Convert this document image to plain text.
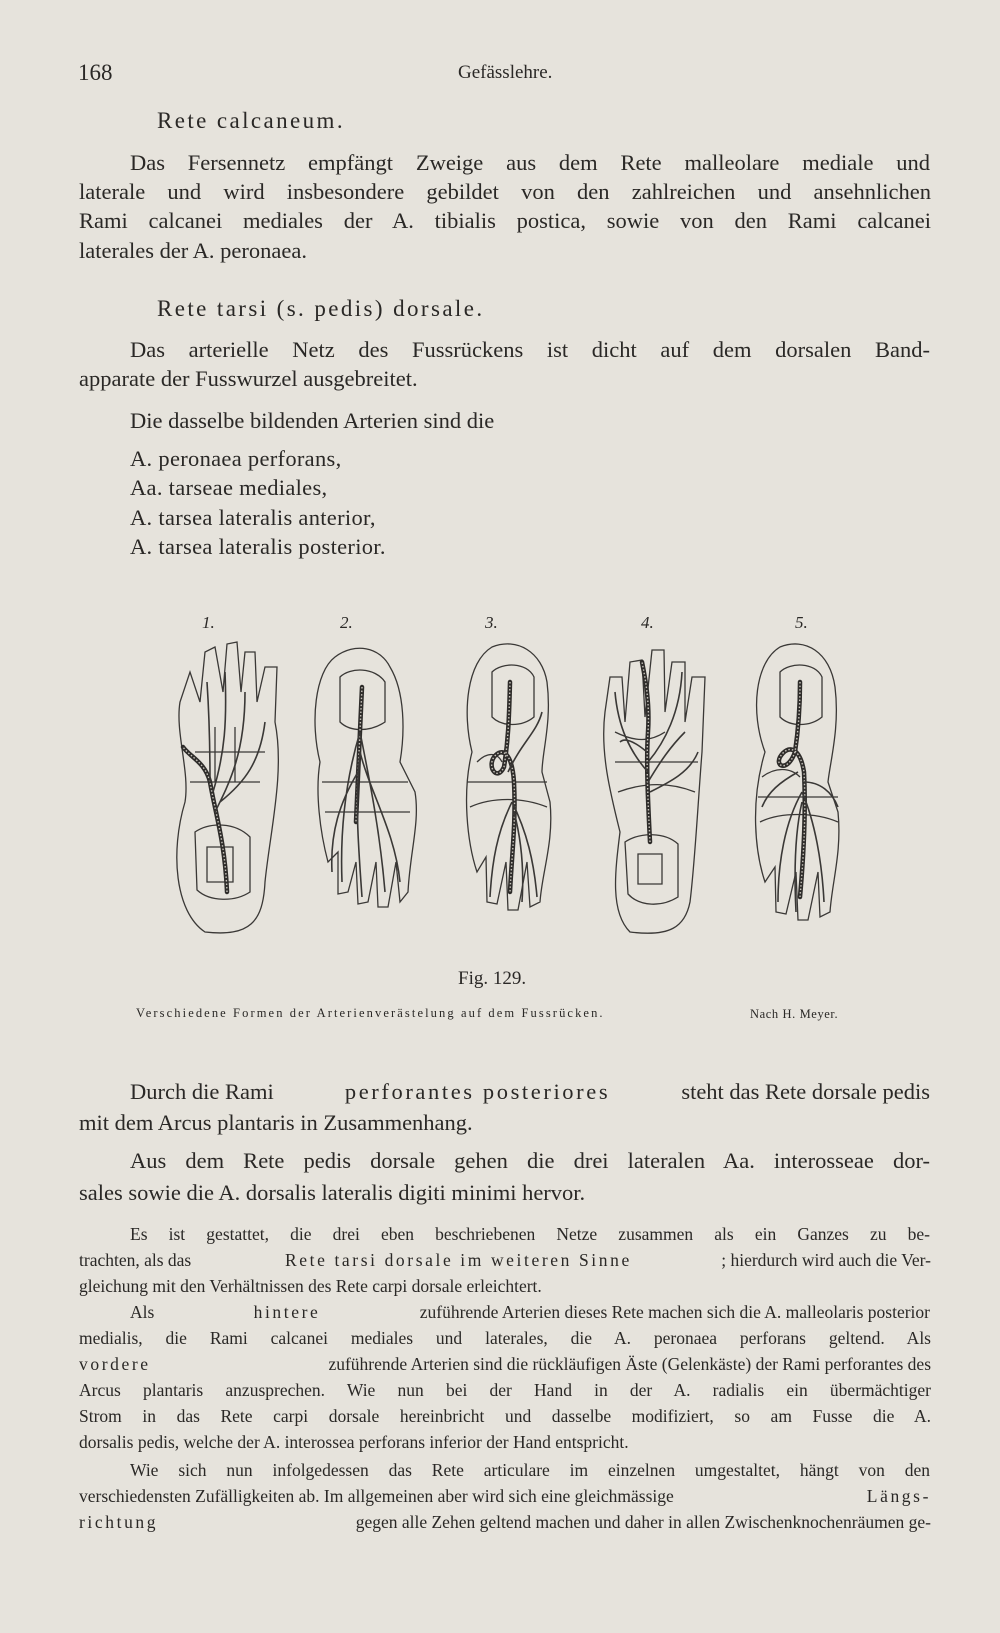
168	Gefässlehre.
Rete calcaneum.
Das Fersennetz empfängt Zweige aus dem Rete malleolare mediale und
laterale und wird insbesondere gebildet von den zahlreichen und ansehnlichen
Rami calcanei mediales der A. tibialis postica, sowie von den Rami calcanei
laterales der A. peronaea.
Rete tarsi (s. pedis) dorsale.
Das arterielle Netz des Fussrückens ist dicht auf dem dorsalen Band-
apparate der Fusswurzel ausgebreitet.
Die dasselbe bildenden Arterien sind die
A. peronaea perforans,
Aa. tarseae mediales,
A. tarsea lateralis anterior,
A. tarsea lateralis posterior.
1.	2.	3.	4.	5.
Fig. 129.
Verschiedene Formen der Arterienverästelung auf dem Fussrücken.	Nach H. Meyer.
Durch die Rami	perforantes posteriores	steht das Rete dorsale pedis
mit dem Arcus plantaris in Zusammenhang.
Aus dem Rete pedis dorsale gehen die drei lateralen Aa. interosseae dor-
sales sowie die A. dorsalis lateralis digiti minimi hervor.
Es ist gestattet, die drei eben beschriebenen Netze zusammen als ein Ganzes zu be-
trachten, als das	Rete tarsi dorsale im weiteren Sinne	; hierdurch wird auch die Ver-
gleichung mit den Verhältnissen des Rete carpi dorsale erleichtert.
Als	hintere	zuführende Arterien dieses Rete machen sich die A. malleolaris posterior
medialis, die Rami calcanei mediales und laterales, die A. peronaea perforans geltend. Als
vordere	zuführende Arterien sind die rückläufigen Äste (Gelenkäste) der Rami perforantes des
Arcus plantaris anzusprechen. Wie nun bei der Hand in der A. radialis ein übermächtiger
Strom in das Rete carpi dorsale hereinbricht und dasselbe modifiziert, so am Fusse die A.
dorsalis pedis, welche der A. interossea perforans inferior der Hand entspricht.
Wie sich nun infolgedessen das Rete articulare im einzelnen umgestaltet, hängt von den
verschiedensten Zufälligkeiten ab. Im allgemeinen aber wird sich eine gleichmässige	Längs-
richtung	gegen alle Zehen geltend machen und daher in allen Zwischenknochenräumen ge-
